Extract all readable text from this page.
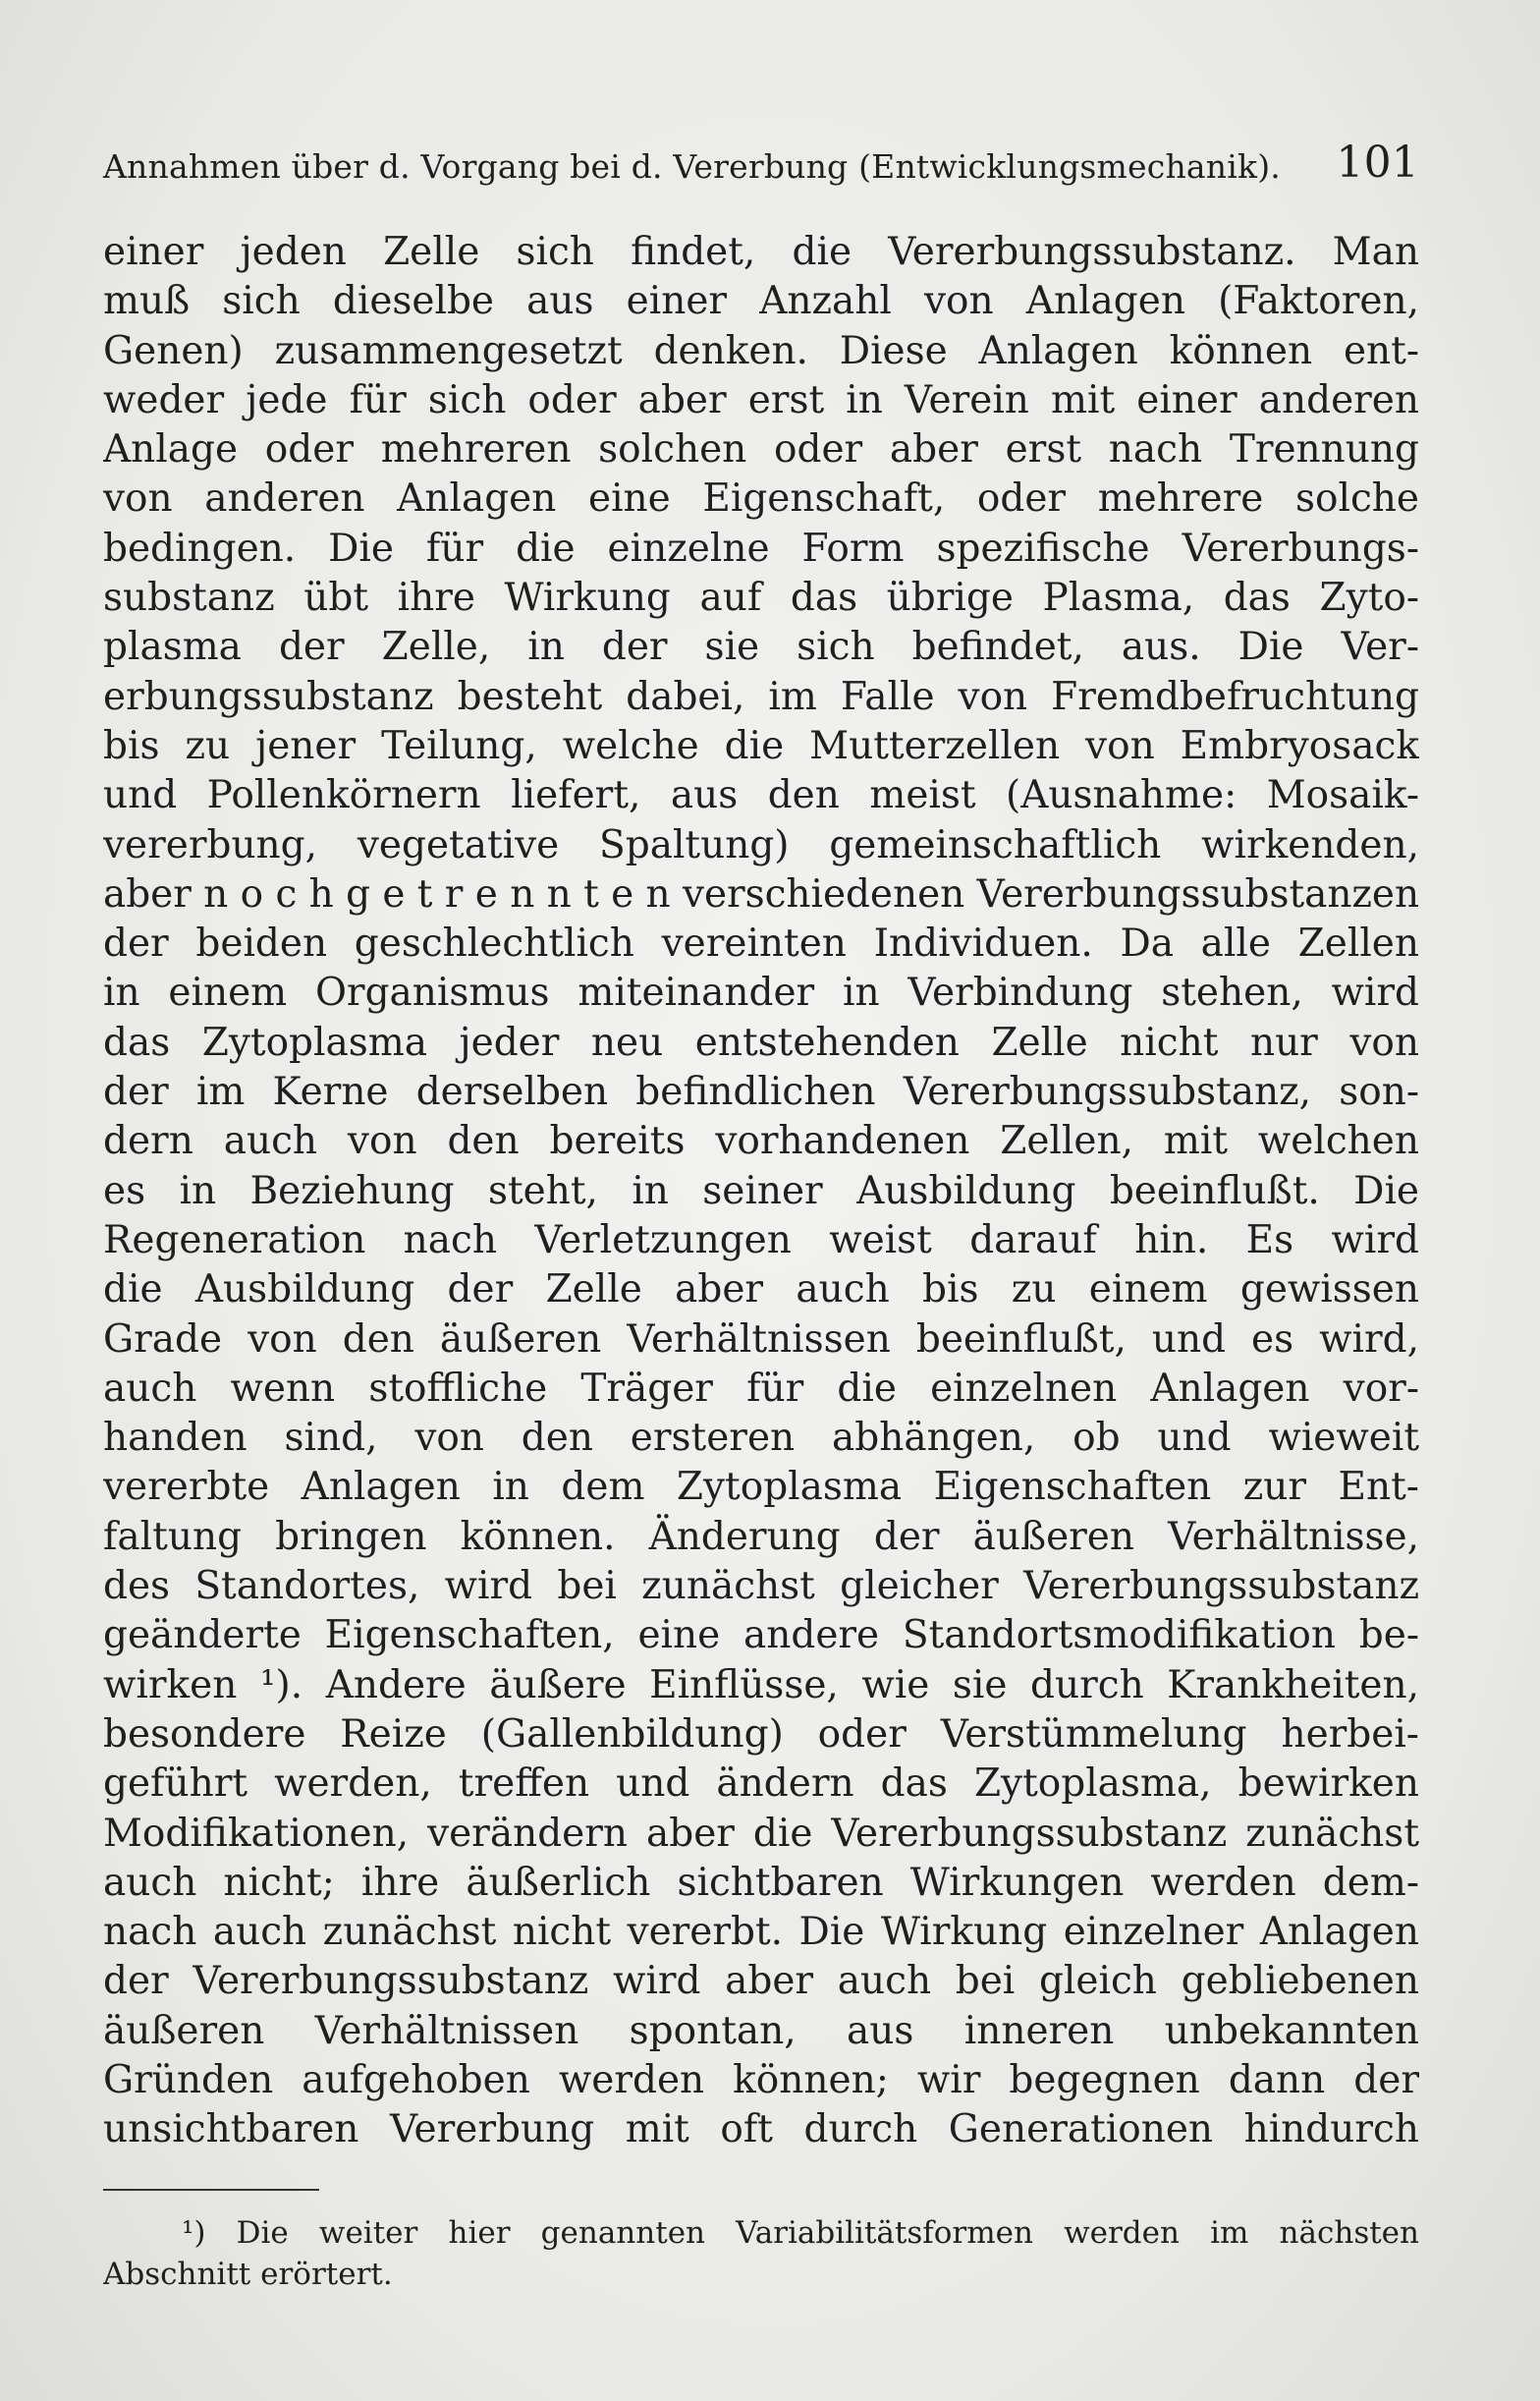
Annahmen über d. Vorgang bei d. Vererbung (Entwicklungsmechanik). 101
einer jeden Zelle sich findet, die Vererbungssubstanz. Man
muß sich dieselbe aus einer Anzahl von Anlagen (Faktoren,
Genen) zusammengesetzt denken. Diese Anlagen können ent-
weder jede für sich oder aber erst in Verein mit einer anderen
Anlage oder mehreren solchen oder aber erst nach Trennung
von anderen Anlagen eine Eigenschaft, oder mehrere solche
bedingen. Die für die einzelne Form spezifische Vererbungs-
substanz übt ihre Wirkung auf das übrige Plasma, das Zyto-
plasma der Zelle, in der sie sich befindet, aus. Die Ver-
erbungssubstanz besteht dabei, im Falle von Fremdbefruchtung
bis zu jener Teilung, welche die Mutterzellen von Embryosack
und Pollenkörnern liefert, aus den meist (Ausnahme: Mosaik-
vererbung, vegetative Spaltung) gemeinschaftlich wirkenden,
aber n o c h g e t r e n n t e n verschiedenen Vererbungssubstanzen
der beiden geschlechtlich vereinten Individuen. Da alle Zellen
in einem Organismus miteinander in Verbindung stehen, wird
das Zytoplasma jeder neu entstehenden Zelle nicht nur von
der im Kerne derselben befindlichen Vererbungssubstanz, son-
dern auch von den bereits vorhandenen Zellen, mit welchen
es in Beziehung steht, in seiner Ausbildung beeinflußt. Die
Regeneration nach Verletzungen weist darauf hin. Es wird
die Ausbildung der Zelle aber auch bis zu einem gewissen
Grade von den äußeren Verhältnissen beeinflußt, und es wird,
auch wenn stoffliche Träger für die einzelnen Anlagen vor-
handen sind, von den ersteren abhängen, ob und wieweit
vererbte Anlagen in dem Zytoplasma Eigenschaften zur Ent-
faltung bringen können. Änderung der äußeren Verhältnisse,
des Standortes, wird bei zunächst gleicher Vererbungssubstanz
geänderte Eigenschaften, eine andere Standortsmodifikation be-
wirken ¹). Andere äußere Einflüsse, wie sie durch Krankheiten,
besondere Reize (Gallenbildung) oder Verstümmelung herbei-
geführt werden, treffen und ändern das Zytoplasma, bewirken
Modifikationen, verändern aber die Vererbungssubstanz zunächst
auch nicht; ihre äußerlich sichtbaren Wirkungen werden dem-
nach auch zunächst nicht vererbt. Die Wirkung einzelner Anlagen
der Vererbungssubstanz wird aber auch bei gleich gebliebenen
äußeren Verhältnissen spontan, aus inneren unbekannten
Gründen aufgehoben werden können; wir begegnen dann der
unsichtbaren Vererbung mit oft durch Generationen hindurch
¹) Die weiter hier genannten Variabilitätsformen werden im nächsten
Abschnitt erörtert.
